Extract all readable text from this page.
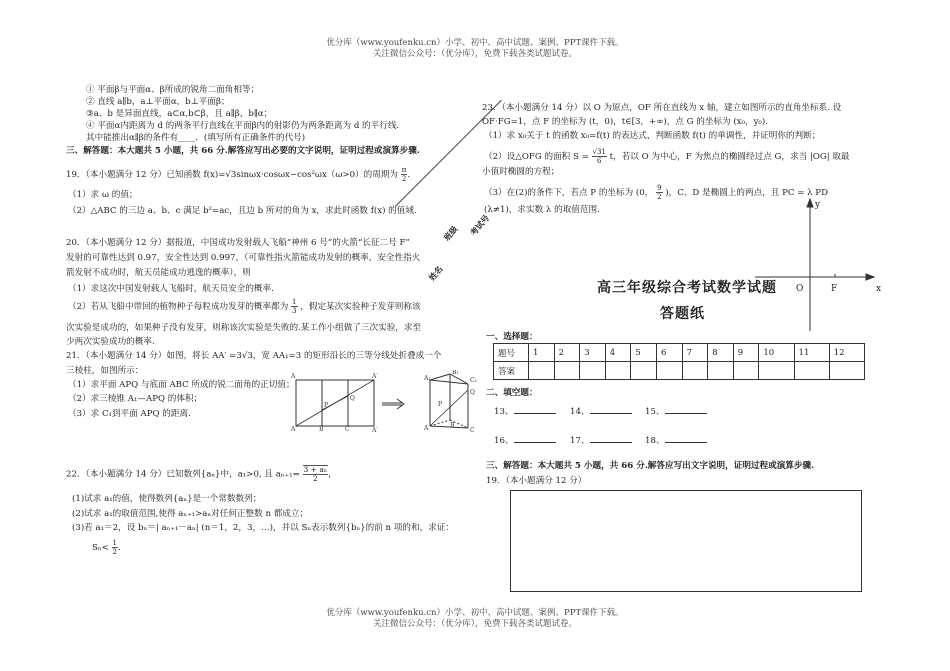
优分库（www.youfenku.cn）小学、初中、高中试题、案例、PPT课件下载。
关注微信公众号：（优分库），免费下载各类试题试卷。
① 平面β与平面α、β所成的锐角二面角相等；
② 直线 a∥b，a⊥平面α，b⊥平面β；
③a、b 是异面直线，a⊂α,b⊂β，且 a∥β，b∥α；
④ 平面α内距离为 d 的两条平行直线在平面β内的射影仍为两条距离为 d 的平行线.
其中能推出α∥β的条件有____．(填写所有正确条件的代号)
三、解答题：本大题共 5 小题，共 66 分.解答应写出必要的文字说明，证明过程或演算步骤.
19．（本小题满分 12 分）已知函数 f(x)=√3sinωx·cosωx−cos²ωx（ω>0）的周期为 $\frac{\pi}{2}$ .
（1）求 ω 的值；
（2）△ABC 的三边 a、b、c 满足 b²=ac，且边 b 所对的角为 x，求此时函数 f(x) 的值域.
20．（本小题满分 12 分）据报道，中国成功发射载人飞船“神州 6 号”的火箭“长征二号 F”
发射的可靠性达到 0.97，安全性达到 0.997，（可靠性指火箭能成功发射的概率，安全性指火
箭发射不成功时，航天员能成功逃逸的概率），则
（1）求这次中国发射载人飞船时，航天员安全的概率.
（2）若从飞船中带回的植物种子每粒成功发芽的概率都为 $\frac{1}{3}$ ，假定某次实验种子发芽则称该
次实验是成功的，如果种子没有发芽，则称该次实验是失败的.某工作小组做了三次实验，求至
少两次实验成功的概率.
21．（本小题满分 14 分）如图，将长 AA′ =3√3，宽 AA₁=3 的矩形沿长的三等分线处折叠成一个
三棱柱，如图所示：
（1）求平面 APQ 与底面 ABC 所成的锐二面角的正切值；
（2）求三棱锥 A₁—APQ 的体积；
（3）求 C₁到平面 APQ 的距离.
A	B	C
A	A′
A′
P
Q
C₁
B₁
A₁
Q
P
A	B
C
22．（本小题满分 14 分）已知数列{aₙ}中，a₁>0, 且 aₙ₊₁= 3 + aₙ
2	，
(1)试求 a₁的值，使得数列{aₙ}是一个常数数列；
(2)试求 a₁的取值范围,使得 aₙ₊₁>aₙ对任何正整数 n 都成立；
(3)若 a₁＝2，设 bₙ＝| aₙ₊₁－aₙ| (n＝1，2，3，…)，并以 Sₙ表示数列{bₙ}的前 n 项的和，求证：
$S_n< \frac{1}{2}$ .
姓名
班级 考试号
23．（本小题满分 14 分）以 O 为原点，OF 所在直线为 x 轴，建立如图所示的直角坐标系. 设
OF·FG=1，点 F 的坐标为 (t，0)，t∈[3，+∞)，点 G 的坐标为 (x₀，y₀).
（1）求 x₀关于 t 的函数 x₀=f(t) 的表达式，判断函数 f(t) 的单调性，并证明你的判断；
（2）设△OFG 的面积 $S = \frac{√31}{6}$ t，若以 O 为中心，F 为焦点的椭圆经过点 G，求当 |OG| 取最
小值时椭圆的方程；
（3）在(2)的条件下，若点 P 的坐标为 (0， $\frac{9}{2}$ )，C、D 是椭圆上的两点，且 PC = λ PD
(λ≠1)，求实数 λ 的取值范围.	y
x
O	F
高三年级综合考试数学试题
答题纸
一、选择题：
题号	1	2	3	4	5	6	7	8	9	10	11	12
答案												
二、填空题：
13、	14、	15、
16、	17、	18、
三、解答题：本大题共 5 小题，共 66 分.解答应写出文字说明，证明过程或演算步骤.
19．（本小题满分 12 分）
优分库（www.youfenku.cn）小学、初中、高中试题、案例、PPT课件下载。
关注微信公众号：（优分库），免费下载各类试题试卷。
